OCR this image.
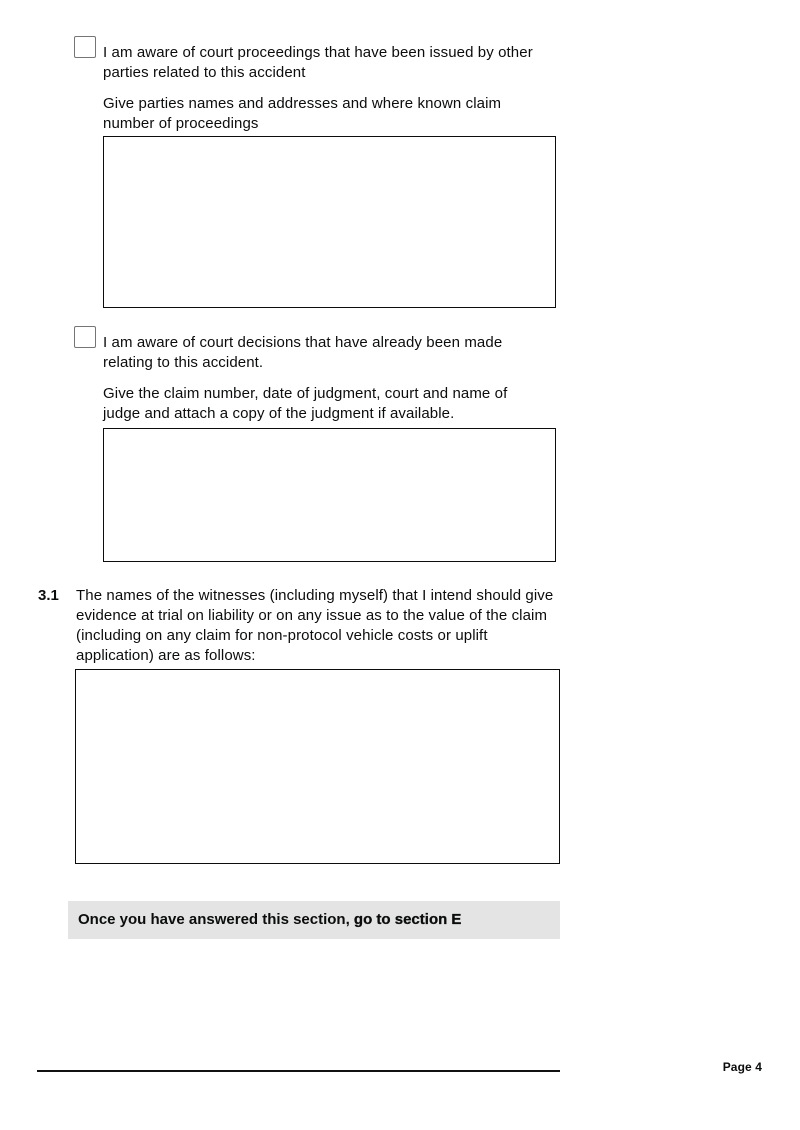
I am aware of court proceedings that have been issued by other parties related to this accident
Give parties names and addresses and where known claim number of proceedings
I am aware of court decisions that have already been made relating to this accident.
Give the claim number, date of judgment, court and name of judge and attach a copy of the judgment if available.
3.1 The names of the witnesses (including myself) that I intend should give evidence at trial on liability or on any issue as to the value of the claim (including on any claim for non-protocol vehicle costs or uplift application) are as follows:
Once you have answered this section, go to section E
Page 4
